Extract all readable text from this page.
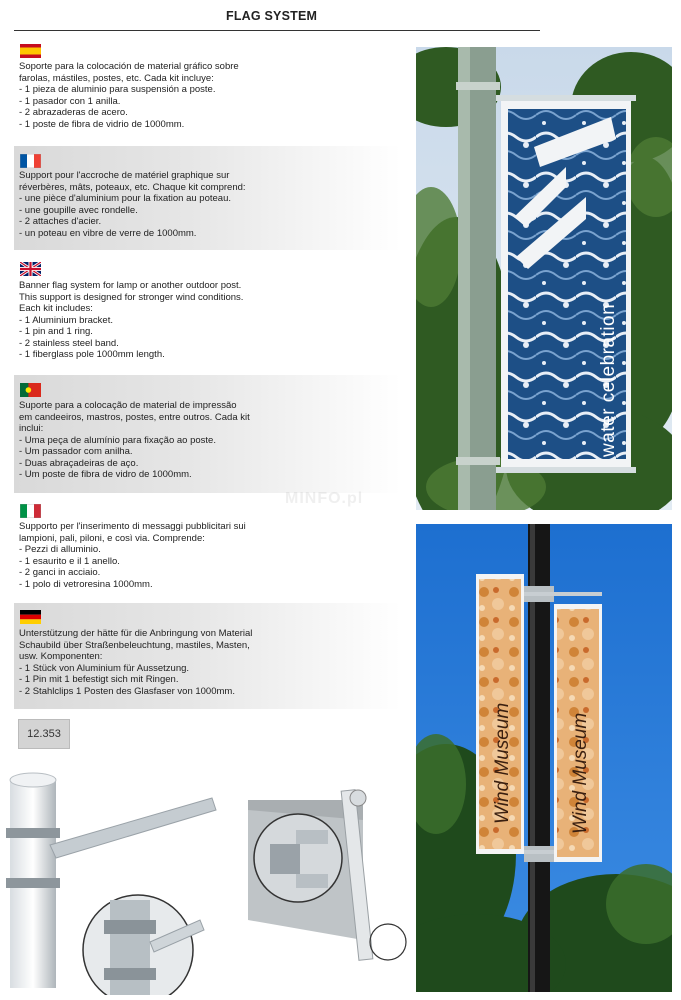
FLAG SYSTEM
Soporte para la colocación de material gráfico sobre
farolas, mástiles, postes, etc. Cada kit incluye:
- 1 pieza de aluminio para suspensión a poste.
- 1 pasador con 1 anilla.
- 2 abrazaderas de acero.
- 1 poste de fibra de vidrio de 1000mm.
Support pour l'accroche de matériel graphique sur
réverbères, mâts, poteaux, etc. Chaque kit comprend:
- une pièce d'aluminium pour la fixation au poteau.
- une goupille avec rondelle.
- 2 attaches d'acier.
- un poteau en vibre de verre de 1000mm.
Banner flag system for lamp or another outdoor post.
This support is designed for stronger wind conditions.
Each kit includes:
- 1 Aluminium bracket.
- 1 pin and 1 ring.
- 2 stainless steel band.
- 1 fiberglass pole 1000mm length.
Suporte para a colocação de material de impressão
em candeeiros, mastros, postes, entre outros. Cada kit
inclui:
- Uma peça de alumínio para fixação ao poste.
- Um passador com anilha.
- Duas abraçadeiras de aço.
- Um poste de fibra de vidro de 1000mm.
Supporto per l'inserimento di messaggi pubblicitari sui
lampioni, pali, piloni, e così via. Comprende:
- Pezzi di alluminio.
- 1 esaurito e il 1 anello.
- 2 ganci in acciaio.
- 1 polo di vetroresina 1000mm.
Unterstützung der hätte für die Anbringung von Material
Schaubild über Straßenbeleuchtung, mastiles, Masten,
usw. Komponenten:
- 1 Stück von Aluminium für Aussetzung.
- 1 Pin mit 1 befestigt sich mit Ringen.
- 2 Stahlclips 1 Posten des Glasfaser von 1000mm.
12.353
MINFO.pl
water celebration
Wind Museum	Wind Museum
